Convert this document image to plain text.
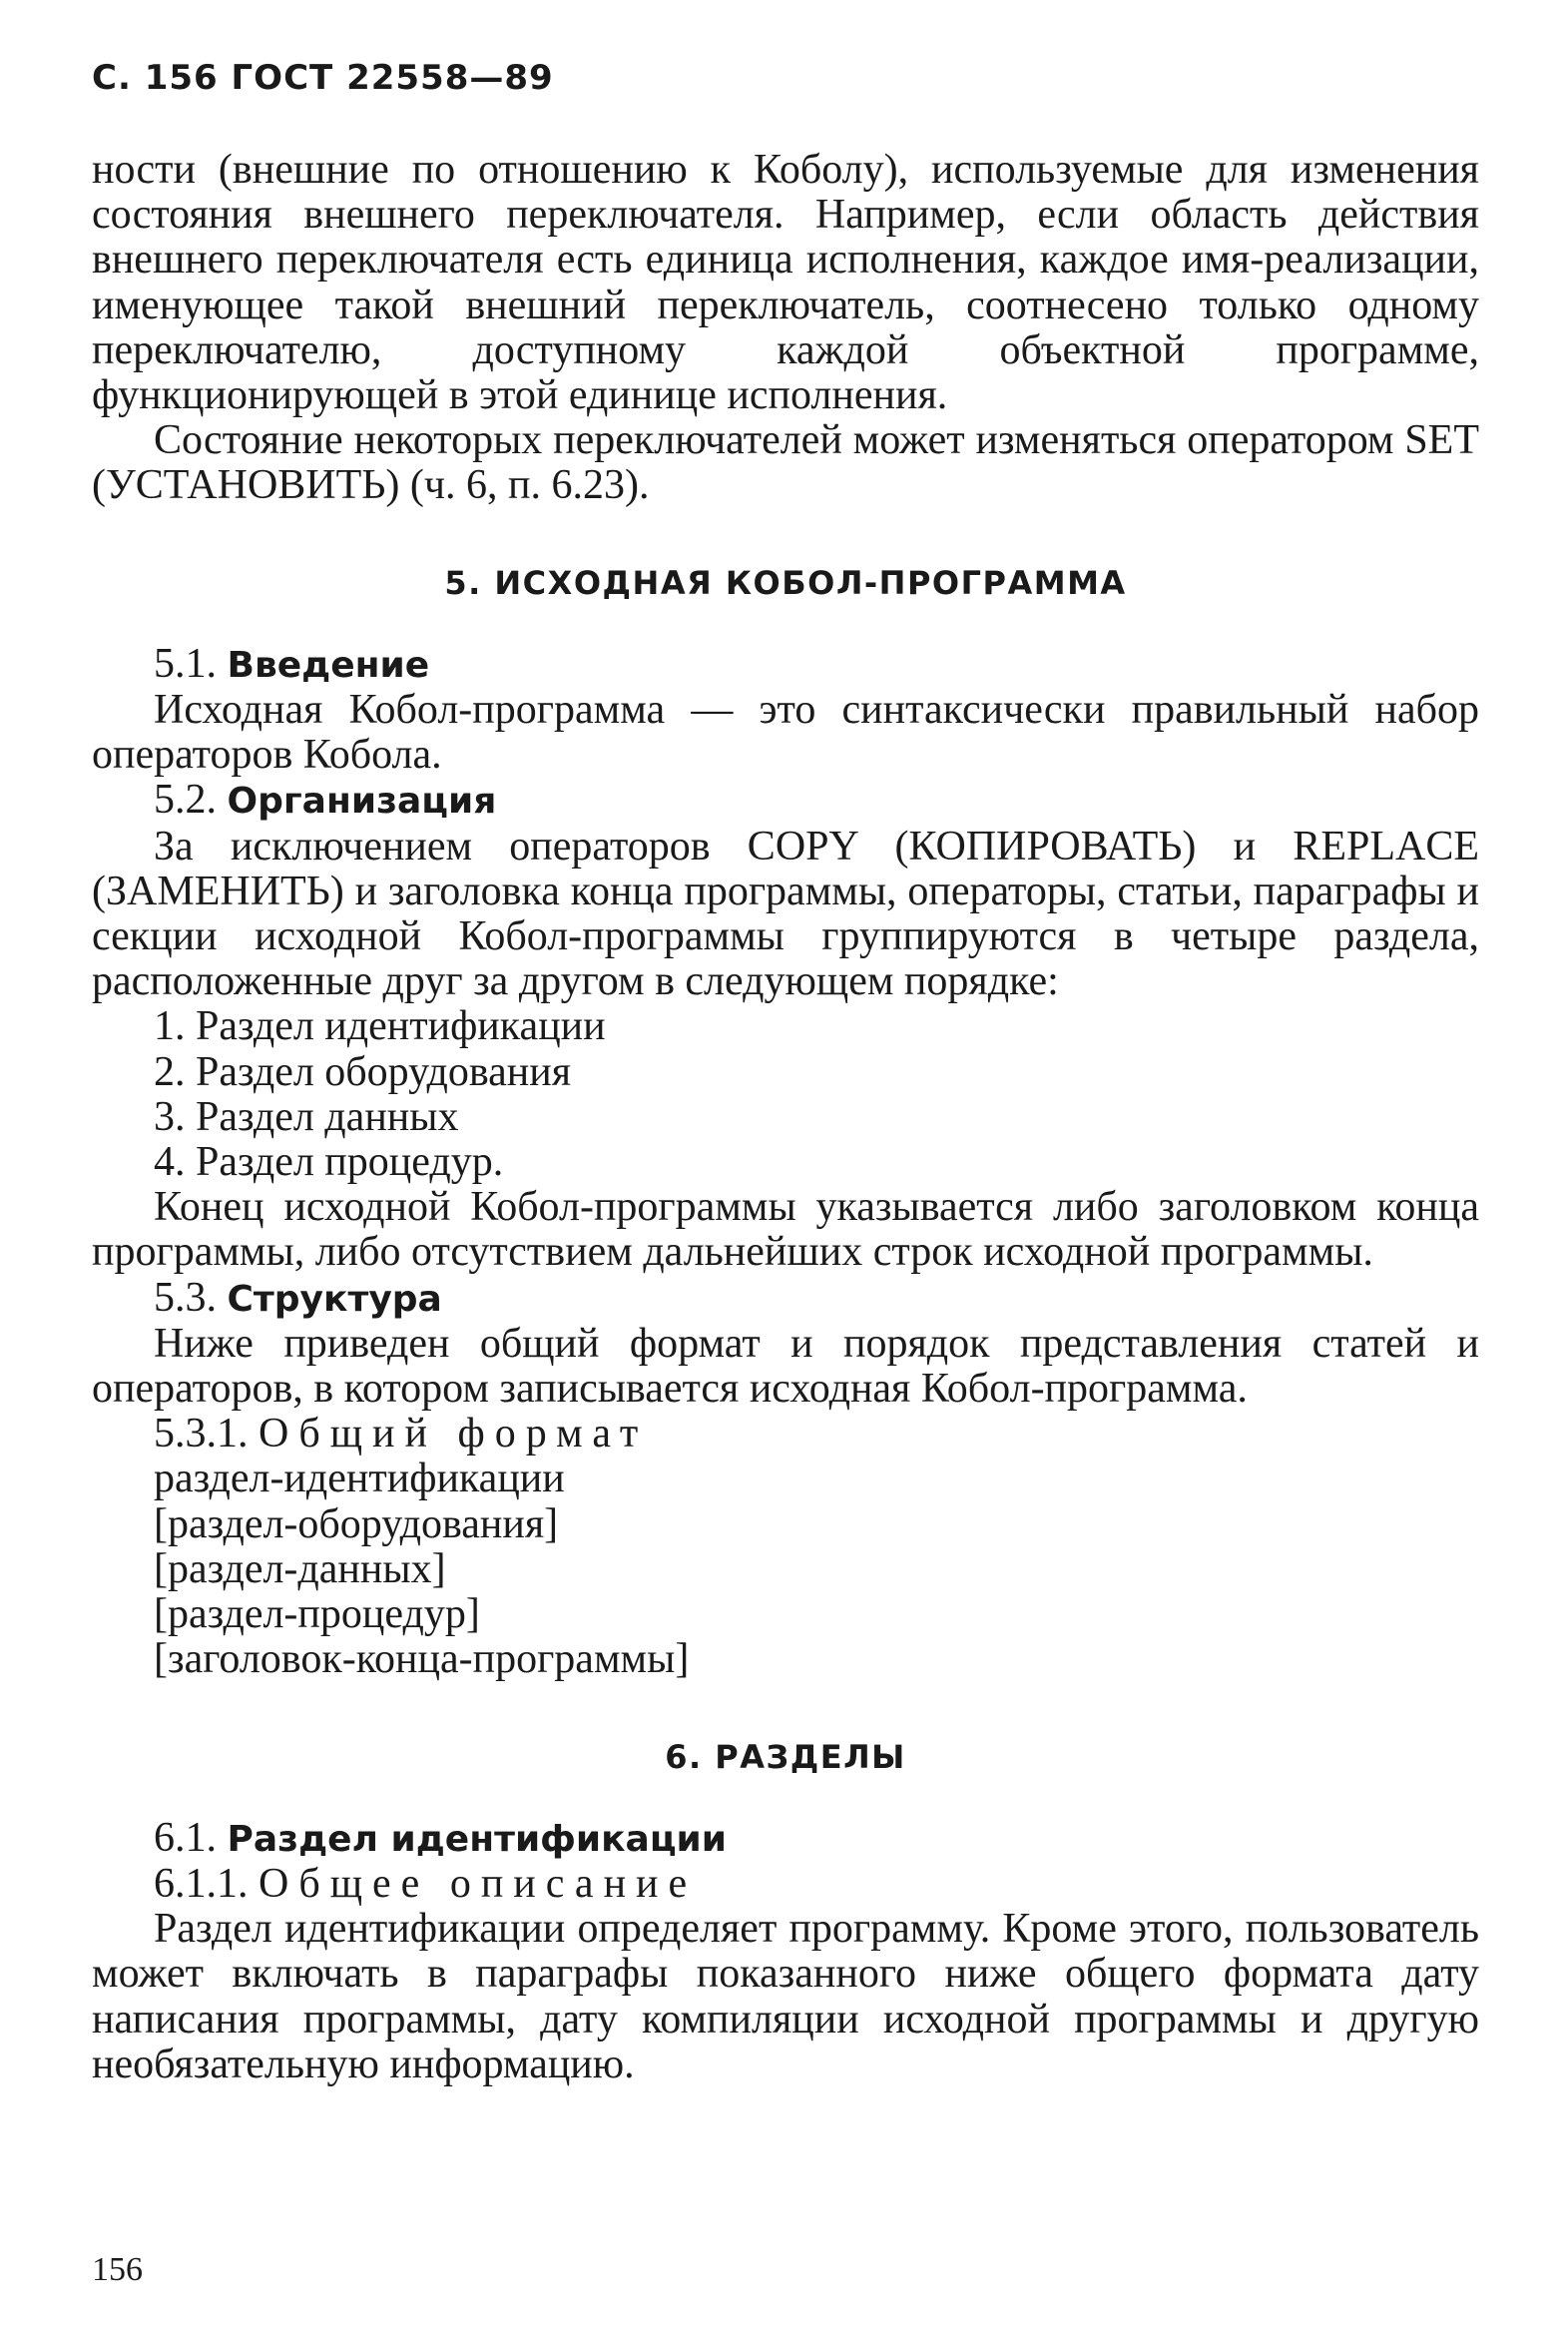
С. 156 ГОСТ 22558—89

ности (внешние по отношению к Коболу), используемые для изменения состояния внешнего переключателя. Например, если область действия внешнего переключателя есть единица исполнения, каждое имя-реализации, именующее такой внешний переключатель, соотнесено только одному переключателю, доступному каждой объектной программе, функционирующей в этой единице исполнения.

Состояние некоторых переключателей может изменяться оператором SET (УСТАНОВИТЬ) (ч. 6, п. 6.23).

5. ИСХОДНАЯ КОБОЛ-ПРОГРАММА

5.1. Введение

Исходная Кобол-программа — это синтаксически правильный набор операторов Кобола.

5.2. Организация

За исключением операторов COPY (КОПИРОВАТЬ) и REPLACE (ЗАМЕНИТЬ) и заголовка конца программы, операторы, статьи, параграфы и секции исходной Кобол-программы группируются в четыре раздела, расположенные друг за другом в следующем порядке:

1. Раздел идентификации

2. Раздел оборудования

3. Раздел данных

4. Раздел процедур.

Конец исходной Кобол-программы указывается либо заголовком конца программы, либо отсутствием дальнейших строк исходной программы.

5.3. Структура

Ниже приведен общий формат и порядок представления статей и операторов, в котором записывается исходная Кобол-программа.

5.3.1. Общий формат

раздел-идентификации

[раздел-оборудования]

[раздел-данных]

[раздел-процедур]

[заголовок-конца-программы]

6. РАЗДЕЛЫ

6.1. Раздел идентификации

6.1.1. Общее описание

Раздел идентификации определяет программу. Кроме этого, пользователь может включать в параграфы показанного ниже общего формата дату написания программы, дату компиляции исходной программы и другую необязательную информацию.

156
